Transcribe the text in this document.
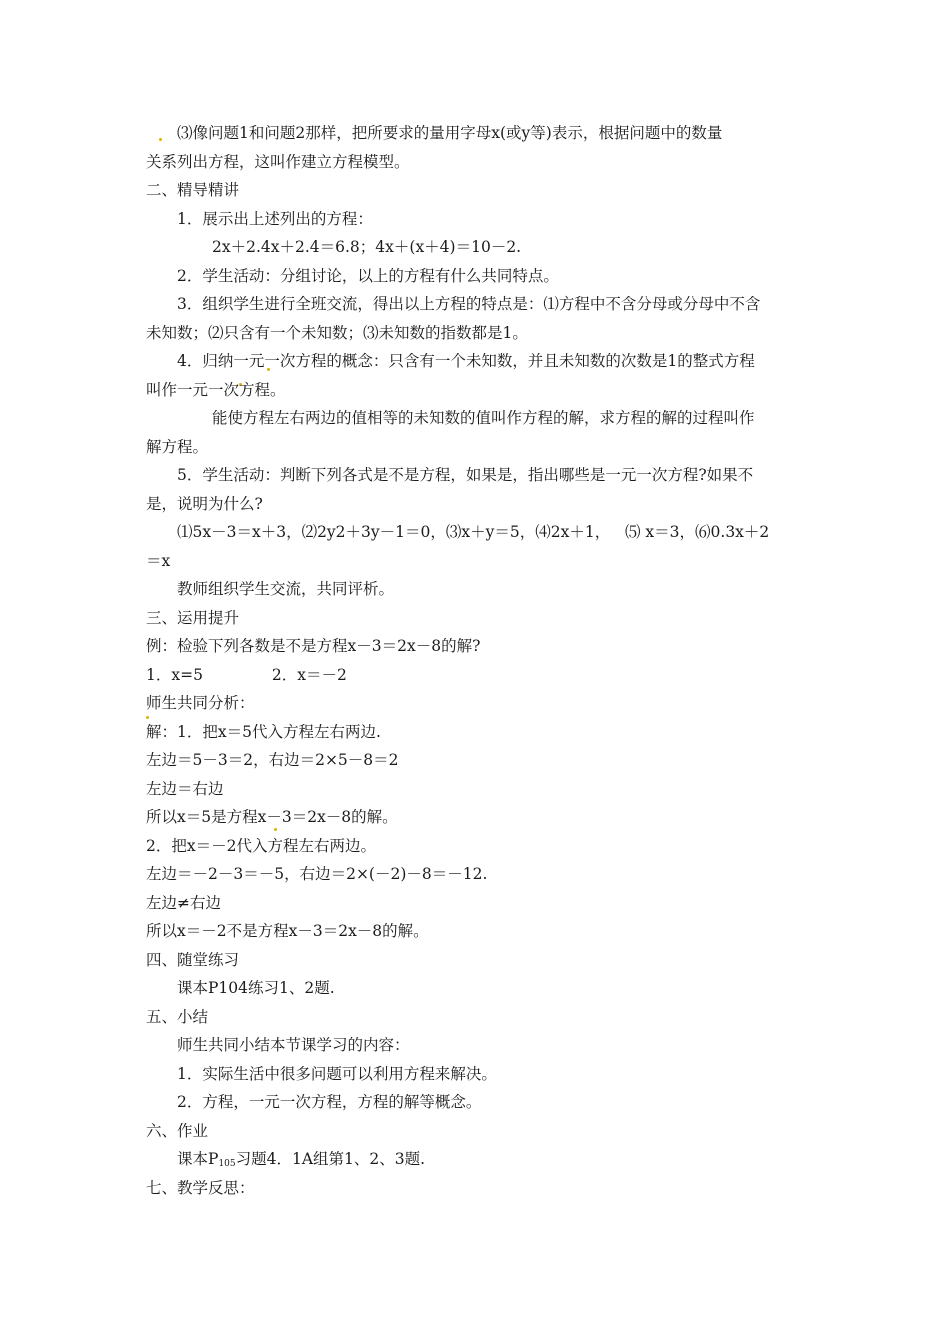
⑶像问题1和问题2那样，把所要求的量用字母x(或y等)表示，根据问题中的数量
关系列出方程，这叫作建立方程模型。
二、精导精讲
1．展示出上述列出的方程：
2x＋2.4x＋2.4＝6.8；4x＋(x＋4)＝10－2.
2．学生活动：分组讨论，以上的方程有什么共同特点。
3．组织学生进行全班交流，得出以上方程的特点是：⑴方程中不含分母或分母中不含
未知数；⑵只含有一个未知数；⑶未知数的指数都是1。
4．归纳一元一次方程的概念：只含有一个未知数，并且未知数的次数是1的整式方程
叫作一元一次方程。
能使方程左右两边的值相等的未知数的值叫作方程的解，求方程的解的过程叫作
解方程。
5．学生活动：判断下列各式是不是方程，如果是，指出哪些是一元一次方程?如果不
是，说明为什么?
⑴5x－3＝x＋3，⑵2y2＋3y－1＝0，⑶x＋y＝5，⑷2x＋1，   ⑸ x＝3，⑹0.3x＋2
＝x
教师组织学生交流，共同评析。
三、运用提升
例：检验下列各数是不是方程x－3＝2x－8的解?
1．x=5              2．x＝－2
师生共同分析：
解：1．把x＝5代入方程左右两边.
左边＝5－3＝2，右边＝2×5－8＝2
左边＝右边
所以x＝5是方程x－3＝2x－8的解。
2．把x＝－2代入方程左右两边。
左边＝－2－3＝－5，右边＝2×(－2)－8＝－12.
左边≠右边
所以x＝－2不是方程x－3＝2x－8的解。
四、随堂练习
课本P104练习1、2题.
五、小结
师生共同小结本节课学习的内容：
1．实际生活中很多问题可以利用方程来解决。
2．方程，一元一次方程，方程的解等概念。
六、作业
课本$P_{105}$习题4．1A组第1、2、3题.
七、教学反思：
